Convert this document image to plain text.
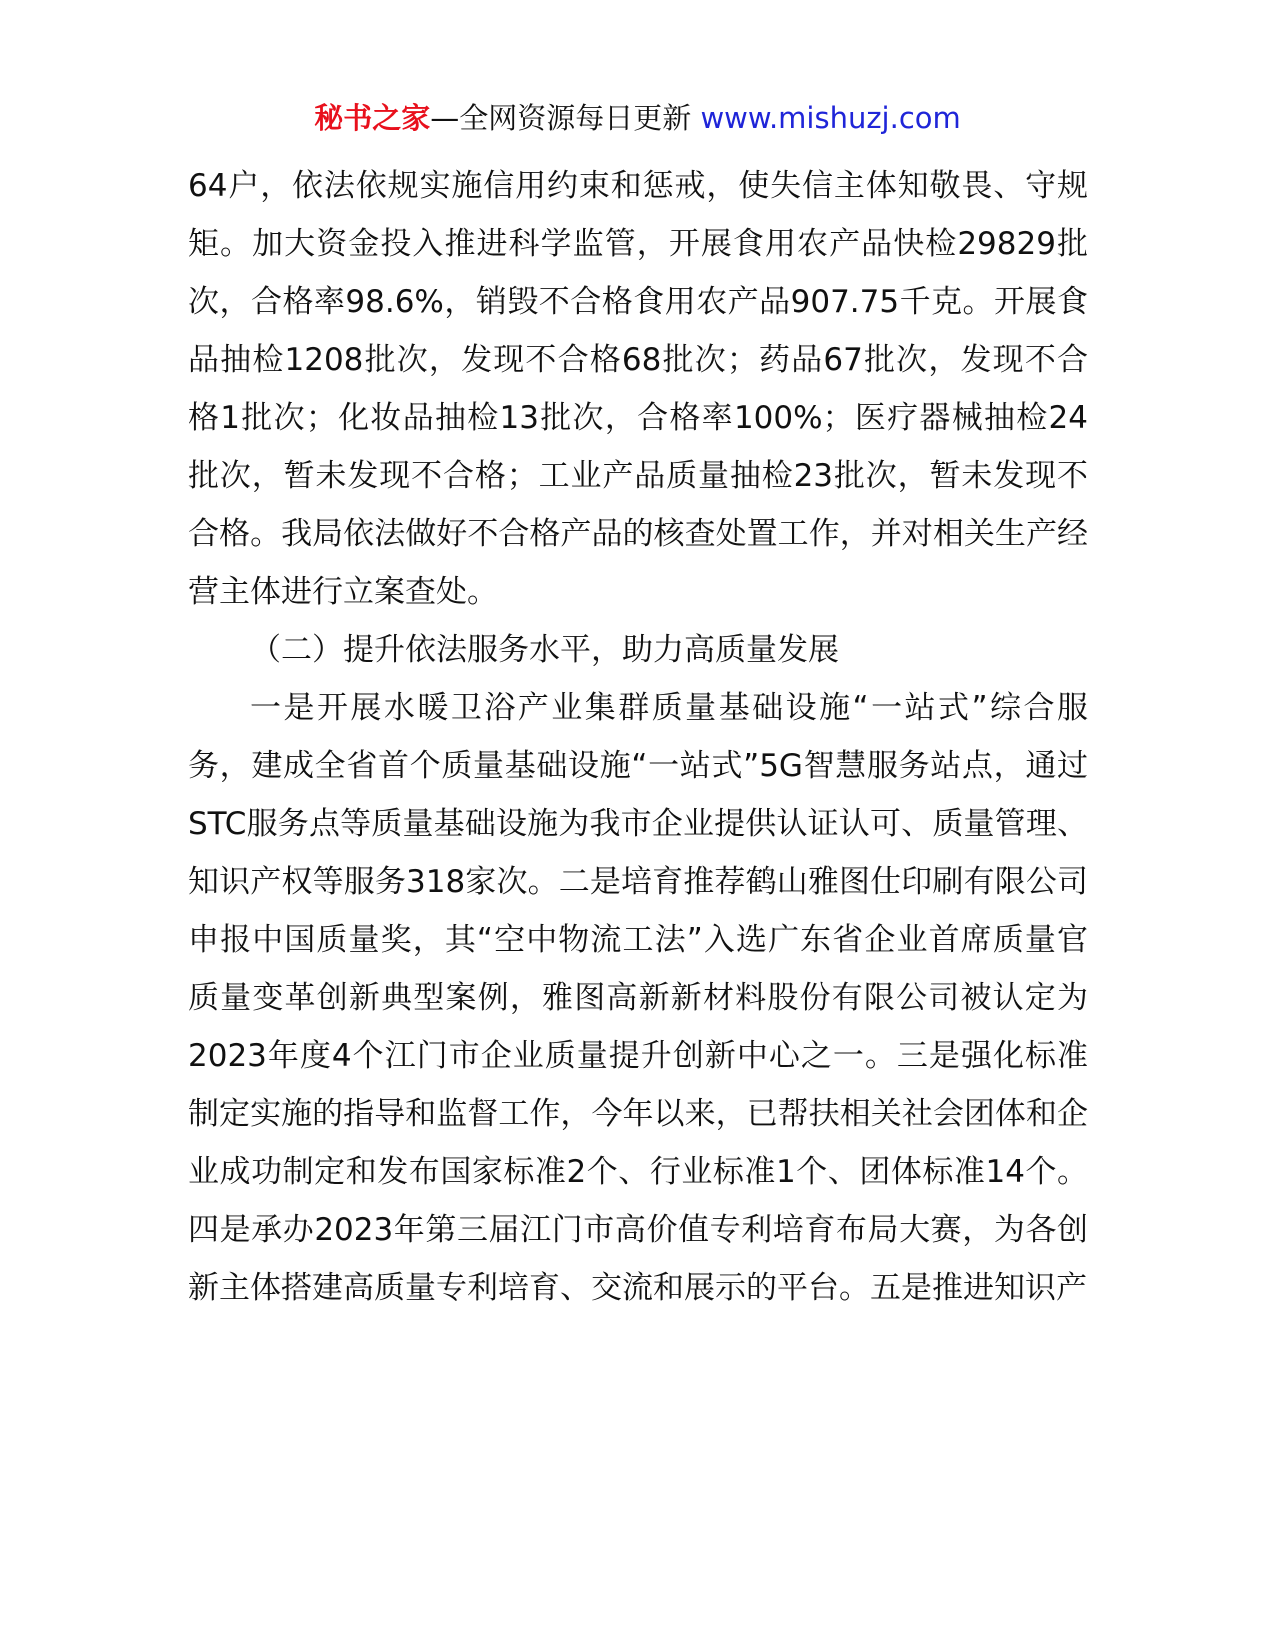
秘书之家—全网资源每日更新 www.mishuzj.com

64户，依法依规实施信用约束和惩戒，使失信主体知敬畏、守规矩。加大资金投入推进科学监管，开展食用农产品快检29829批次，合格率98.6%，销毁不合格食用农产品907.75千克。开展食品抽检1208批次，发现不合格68批次；药品67批次，发现不合格1批次；化妆品抽检13批次，合格率100%；医疗器械抽检24批次，暂未发现不合格；工业产品质量抽检23批次，暂未发现不合格。我局依法做好不合格产品的核查处置工作，并对相关生产经营主体进行立案查处。

（二）提升依法服务水平，助力高质量发展

一是开展水暖卫浴产业集群质量基础设施“一站式”综合服务，建成全省首个质量基础设施“一站式”5G智慧服务站点，通过STC服务点等质量基础设施为我市企业提供认证认可、质量管理、知识产权等服务318家次。二是培育推荐鹤山雅图仕印刷有限公司申报中国质量奖，其“空中物流工法”入选广东省企业首席质量官质量变革创新典型案例，雅图高新新材料股份有限公司被认定为2023年度4个江门市企业质量提升创新中心之一。三是强化标准制定实施的指导和监督工作，今年以来，已帮扶相关社会团体和企业成功制定和发布国家标准2个、行业标准1个、团体标准14个。四是承办2023年第三届江门市高价值专利培育布局大赛，为各创新主体搭建高质量专利培育、交流和展示的平台。五是推进知识产
